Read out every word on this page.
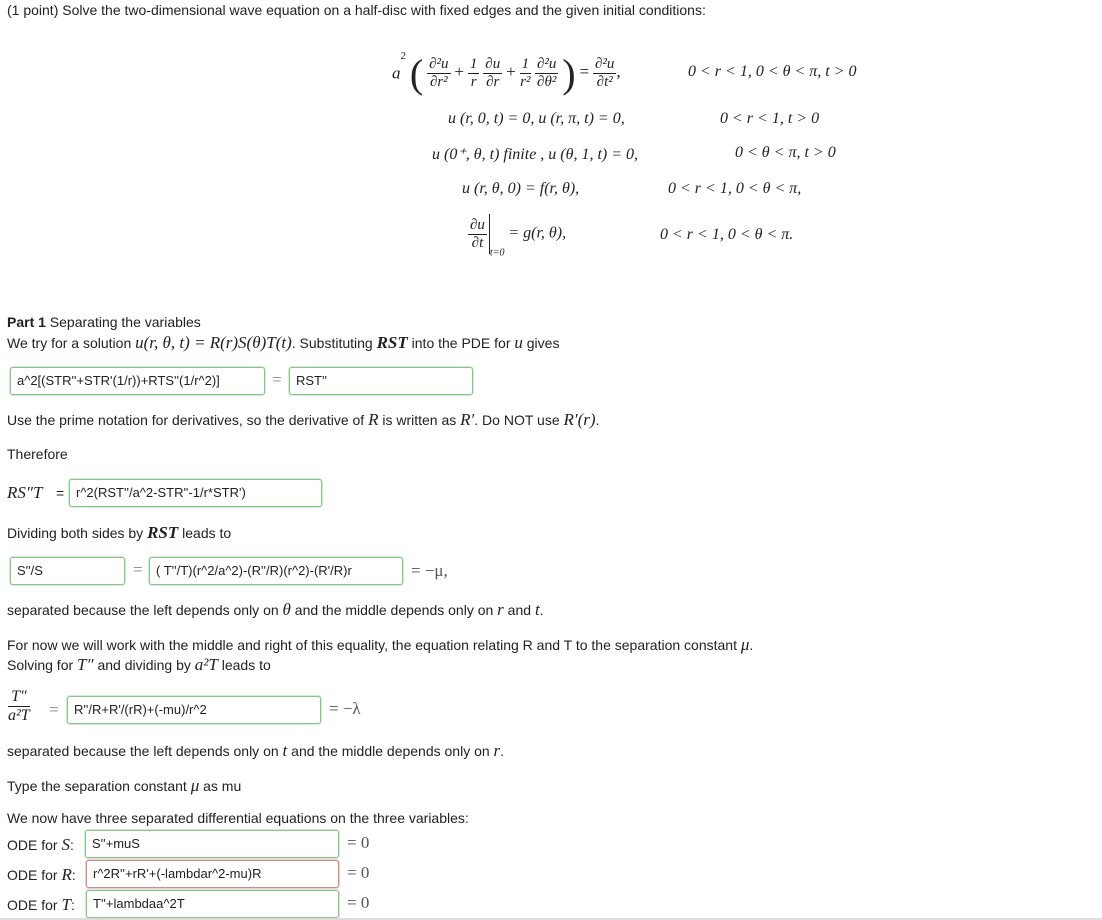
(1 point) Solve the two-dimensional wave equation on a half-disc with fixed edges and the given initial conditions:
$a^2$ ( $\frac{\text{∂²u}}{\text{∂r²}} + \frac{1}{r}$
$\frac{\partial u}{\partial r} + \frac{1}{\text{r²}}$
$\frac{\text{∂²u}}{\text{∂θ²}}$ ) = $\frac{\text{∂²u}}{\text{∂t²}}$ ,	0 < r < 1, 0 < θ < π, t > 0
u (r, 0, t) = 0, u (r, π, t) = 0,	0 < r < 1, t > 0
u (0⁺, θ, t) finite , u (θ, 1, t) = 0,	0 < θ < π, t > 0
u (r, θ, 0) = f(r, θ),	0 < r < 1, 0 < θ < π,
$\frac{\partial u}{\partial t}$
$_{t=0}$ = g(r, θ),	0 < r < 1, 0 < θ < π.
Part 1 Separating the variables
We try for a solution u(r, θ, t) = R(r)S(θ)T(t). Substituting RST into the PDE for u gives
a^2[(STR''+STR'(1/r))+RTS''(1/r^2)]	=	RST''
Use the prime notation for derivatives, so the derivative of R is written as R′. Do NOT use R′(r).
Therefore
RS″T = r^2(RST''/a^2-STR''-1/r*STR')
Dividing both sides by RST leads to
S''/S	=	( T''/T)(r^2/a^2)-(R''/R)(r^2)-(R'/R)r	= −μ,
separated because the left depends only on θ and the middle depends only on r and t.
For now we will work with the middle and right of this equality, the equation relating R and T to the separation constant μ.
Solving for T″ and dividing by a²T leads to
$\frac{T''}{\text{a²T}}$ =	R''/R+R'/(rR)+(-mu)/r^2	= −λ
separated because the left depends only on t and the middle depends only on r.
Type the separation constant μ as mu
We now have three separated differential equations on the three variables:
ODE for S:	S''+muS	= 0
ODE for R:	r^2R''+rR'+(-lambdar^2-mu)R	= 0
ODE for T:	T''+lambdaa^2T	= 0
